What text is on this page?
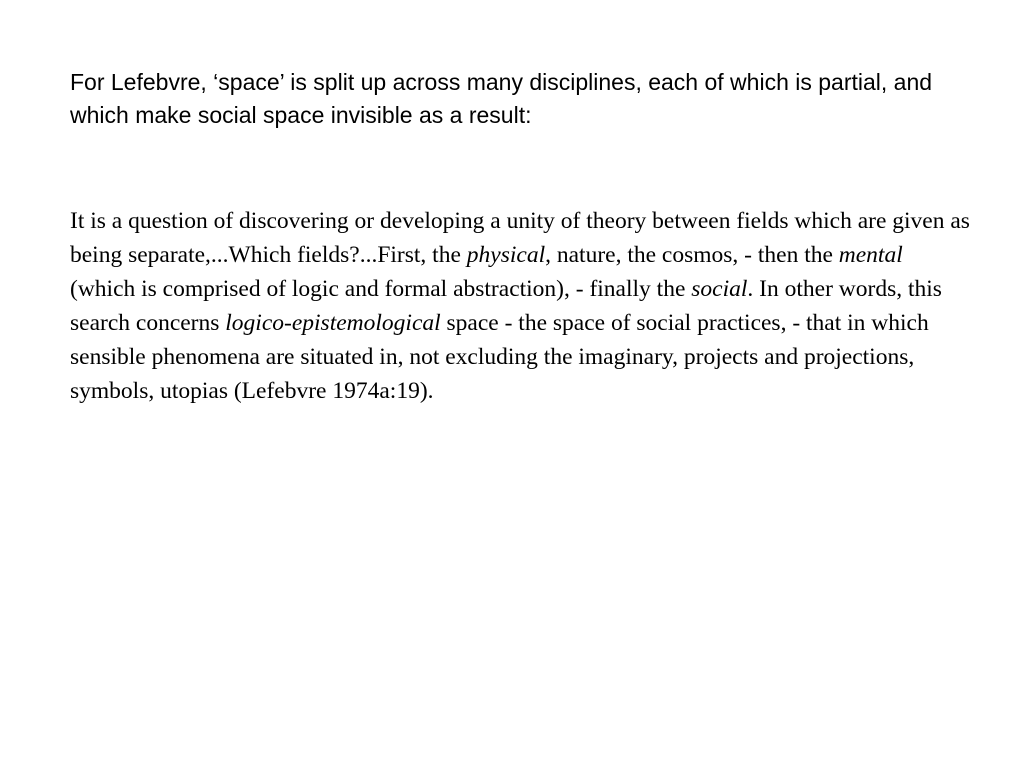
For Lefebvre, ‘space’ is split up across many disciplines, each of which is partial, and which make social space invisible as a result:

It is a question of discovering or developing a unity of theory between fields which are given as being separate,...Which fields?...First, the physical, nature, the cosmos, - then the mental (which is comprised of logic and formal abstraction), - finally the social. In other words, this search concerns logico-epistemological space - the space of social practices, - that in which sensible phenomena are situated in, not excluding the imaginary, projects and projections, symbols, utopias (Lefebvre 1974a:19).
